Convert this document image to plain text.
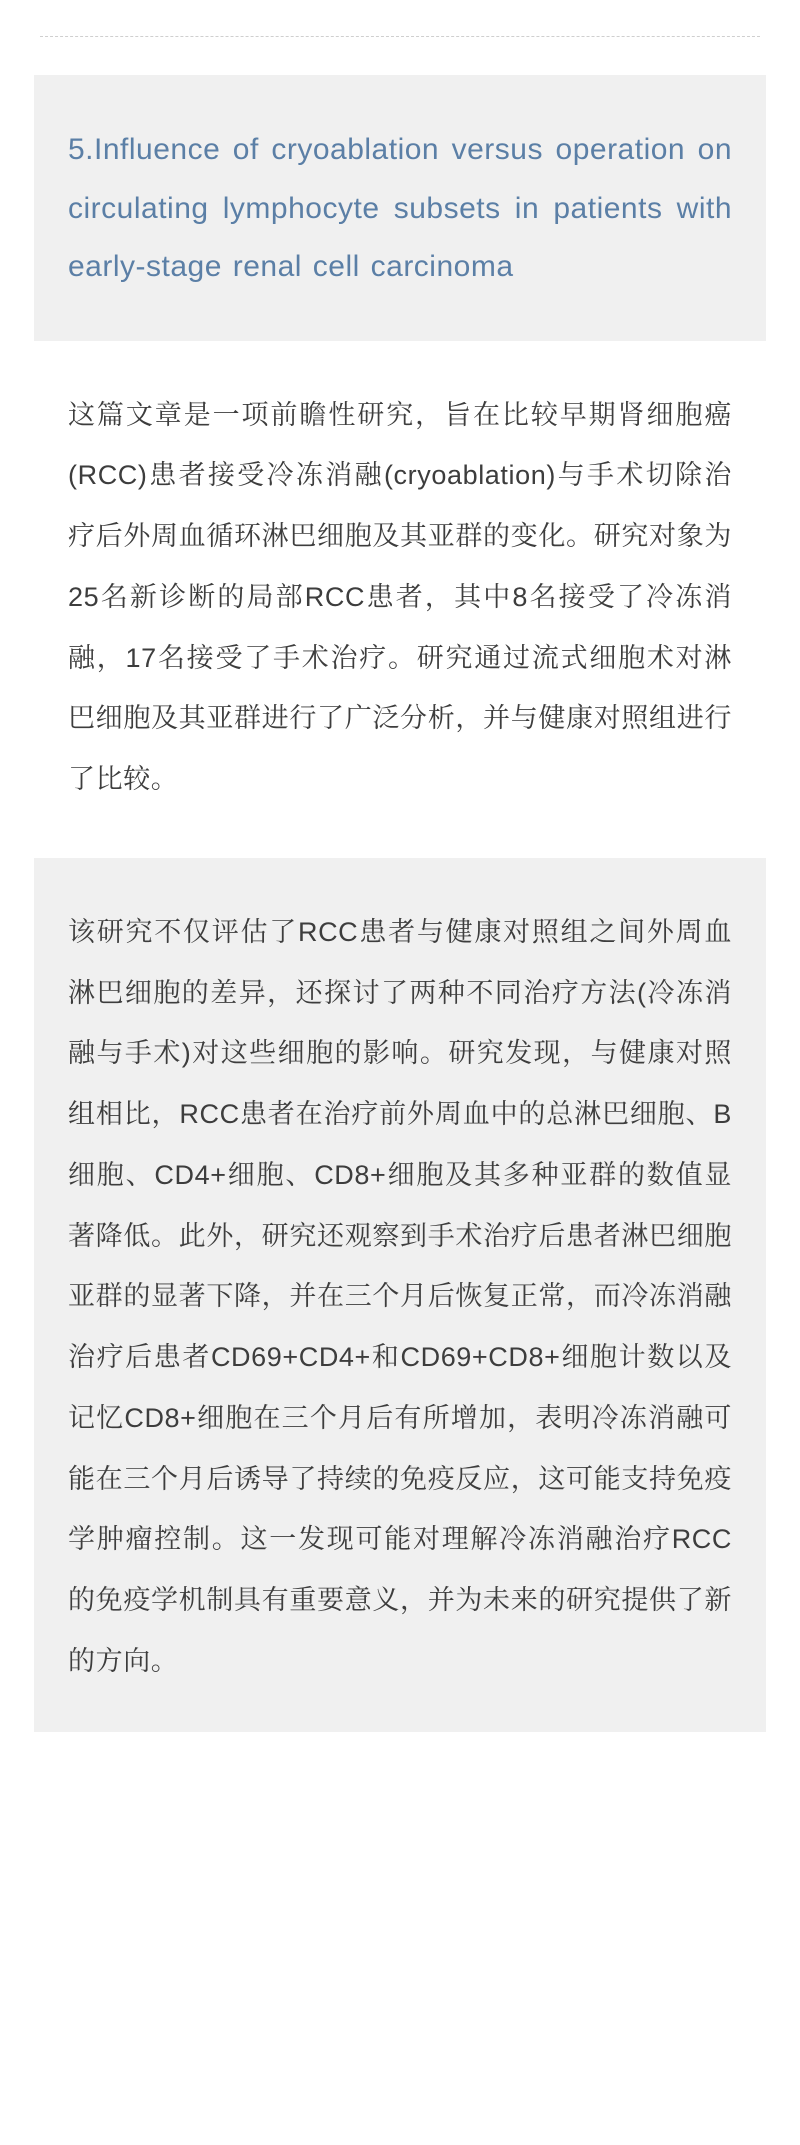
5.Influence of cryoablation versus operation on circulating lymphocyte subsets in patients with early-stage renal cell carcinoma
这篇文章是一项前瞻性研究，旨在比较早期肾细胞癌(RCC)患者接受冷冻消融(cryoablation)与手术切除治疗后外周血循环淋巴细胞及其亚群的变化。研究对象为25名新诊断的局部RCC患者，其中8名接受了冷冻消融，17名接受了手术治疗。研究通过流式细胞术对淋巴细胞及其亚群进行了广泛分析，并与健康对照组进行了比较。
该研究不仅评估了RCC患者与健康对照组之间外周血淋巴细胞的差异，还探讨了两种不同治疗方法(冷冻消融与手术)对这些细胞的影响。研究发现，与健康对照组相比，RCC患者在治疗前外周血中的总淋巴细胞、B细胞、CD4+细胞、CD8+细胞及其多种亚群的数值显著降低。此外，研究还观察到手术治疗后患者淋巴细胞亚群的显著下降，并在三个月后恢复正常，而冷冻消融治疗后患者CD69+CD4+和CD69+CD8+细胞计数以及记忆CD8+细胞在三个月后有所增加，表明冷冻消融可能在三个月后诱导了持续的免疫反应，这可能支持免疫学肿瘤控制。这一发现可能对理解冷冻消融治疗RCC的免疫学机制具有重要意义，并为未来的研究提供了新的方向。
